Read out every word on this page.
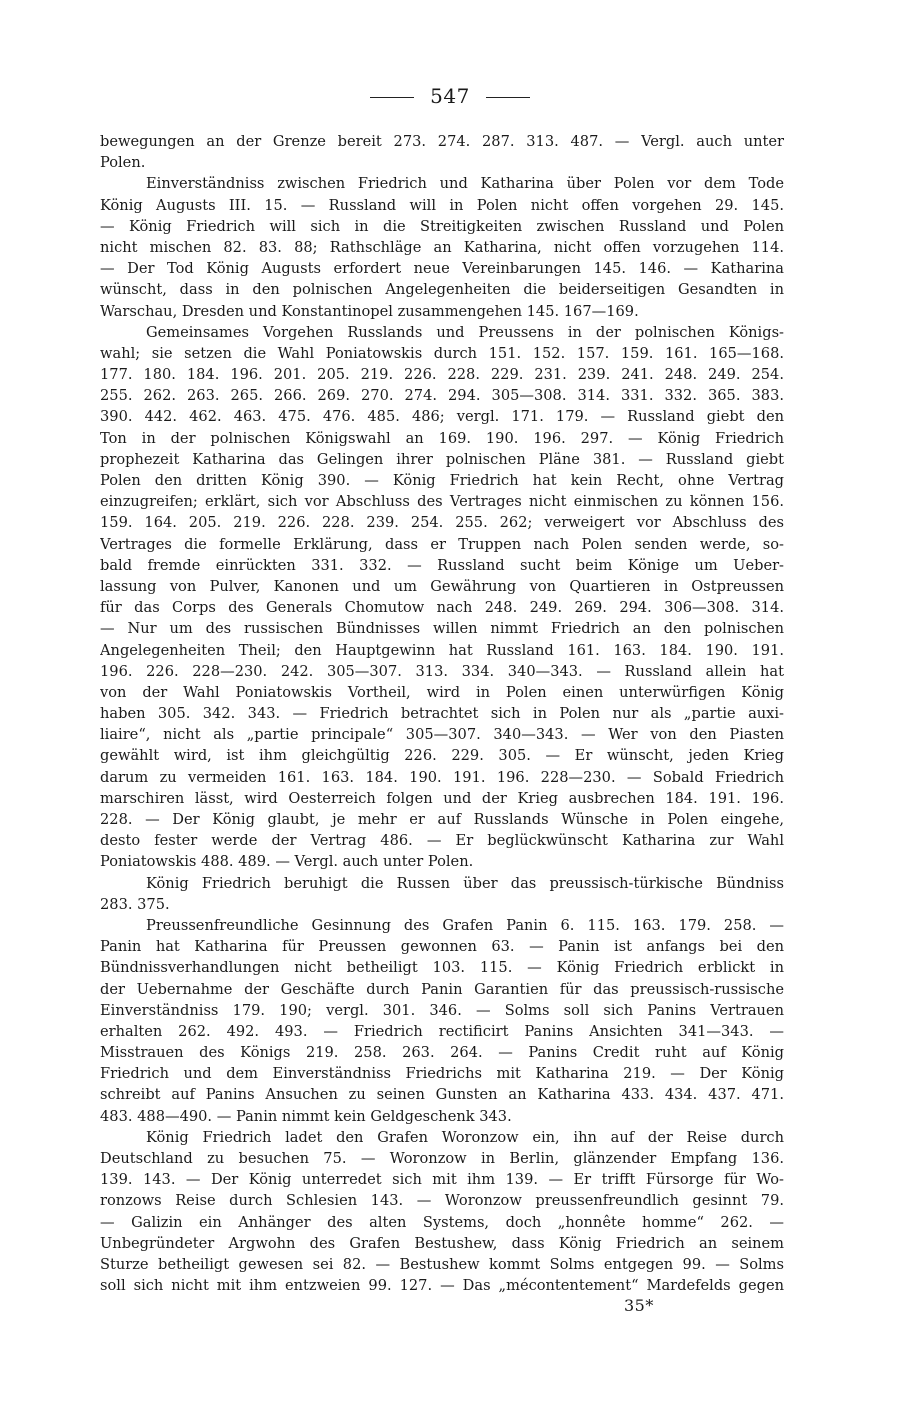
547
bewegungen an der Grenze bereit 273. 274. 287. 313. 487. — Vergl. auch unter
Polen.
Einverständniss zwischen Friedrich und Katharina über Polen vor dem Tode
König Augusts III. 15. — Russland will in Polen nicht offen vorgehen 29. 145.
— König Friedrich will sich in die Streitigkeiten zwischen Russland und Polen
nicht mischen 82. 83. 88; Rathschläge an Katharina, nicht offen vorzugehen 114.
— Der Tod König Augusts erfordert neue Vereinbarungen 145. 146. — Katharina
wünscht, dass in den polnischen Angelegenheiten die beiderseitigen Gesandten in
Warschau, Dresden und Konstantinopel zusammengehen 145. 167—169.
Gemeinsames Vorgehen Russlands und Preussens in der polnischen Königs-
wahl; sie setzen die Wahl Poniatowskis durch 151. 152. 157. 159. 161. 165—168.
177. 180. 184. 196. 201. 205. 219. 226. 228. 229. 231. 239. 241. 248. 249. 254.
255. 262. 263. 265. 266. 269. 270. 274. 294. 305—308. 314. 331. 332. 365. 383.
390. 442. 462. 463. 475. 476. 485. 486; vergl. 171. 179. — Russland giebt den
Ton in der polnischen Königswahl an 169. 190. 196. 297. — König Friedrich
prophezeit Katharina das Gelingen ihrer polnischen Pläne 381. — Russland giebt
Polen den dritten König 390. — König Friedrich hat kein Recht, ohne Vertrag
einzugreifen; erklärt, sich vor Abschluss des Vertrages nicht einmischen zu können 156.
159. 164. 205. 219. 226. 228. 239. 254. 255. 262; verweigert vor Abschluss des
Vertrages die formelle Erklärung, dass er Truppen nach Polen senden werde, so-
bald fremde einrückten 331. 332. — Russland sucht beim Könige um Ueber-
lassung von Pulver, Kanonen und um Gewährung von Quartieren in Ostpreussen
für das Corps des Generals Chomutow nach 248. 249. 269. 294. 306—308. 314.
— Nur um des russischen Bündnisses willen nimmt Friedrich an den polnischen
Angelegenheiten Theil; den Hauptgewinn hat Russland 161. 163. 184. 190. 191.
196. 226. 228—230. 242. 305—307. 313. 334. 340—343. — Russland allein hat
von der Wahl Poniatowskis Vortheil, wird in Polen einen unterwürfigen König
haben 305. 342. 343. — Friedrich betrachtet sich in Polen nur als „partie auxi-
liaire“, nicht als „partie principale“ 305—307. 340—343. — Wer von den Piasten
gewählt wird, ist ihm gleichgültig 226. 229. 305. — Er wünscht, jeden Krieg
darum zu vermeiden 161. 163. 184. 190. 191. 196. 228—230. — Sobald Friedrich
marschiren lässt, wird Oesterreich folgen und der Krieg ausbrechen 184. 191. 196.
228. — Der König glaubt, je mehr er auf Russlands Wünsche in Polen eingehe,
desto fester werde der Vertrag 486. — Er beglückwünscht Katharina zur Wahl
Poniatowskis 488. 489. — Vergl. auch unter Polen.
König Friedrich beruhigt die Russen über das preussisch-türkische Bündniss
283. 375.
Preussenfreundliche Gesinnung des Grafen Panin 6. 115. 163. 179. 258. —
Panin hat Katharina für Preussen gewonnen 63. — Panin ist anfangs bei den
Bündnissverhandlungen nicht betheiligt 103. 115. — König Friedrich erblickt in
der Uebernahme der Geschäfte durch Panin Garantien für das preussisch-russische
Einverständniss 179. 190; vergl. 301. 346. — Solms soll sich Panins Vertrauen
erhalten 262. 492. 493. — Friedrich rectificirt Panins Ansichten 341—343. —
Misstrauen des Königs 219. 258. 263. 264. — Panins Credit ruht auf König
Friedrich und dem Einverständniss Friedrichs mit Katharina 219. — Der König
schreibt auf Panins Ansuchen zu seinen Gunsten an Katharina 433. 434. 437. 471.
483. 488—490. — Panin nimmt kein Geldgeschenk 343.
König Friedrich ladet den Grafen Woronzow ein, ihn auf der Reise durch
Deutschland zu besuchen 75. — Woronzow in Berlin, glänzender Empfang 136.
139. 143. — Der König unterredet sich mit ihm 139. — Er trifft Fürsorge für Wo-
ronzows Reise durch Schlesien 143. — Woronzow preussenfreundlich gesinnt 79.
— Galizin ein Anhänger des alten Systems, doch „honnête homme“ 262. —
Unbegründeter Argwohn des Grafen Bestushew, dass König Friedrich an seinem
Sturze betheiligt gewesen sei 82. — Bestushew kommt Solms entgegen 99. — Solms
soll sich nicht mit ihm entzweien 99. 127. — Das „mécontentement“ Mardefelds gegen
35*
